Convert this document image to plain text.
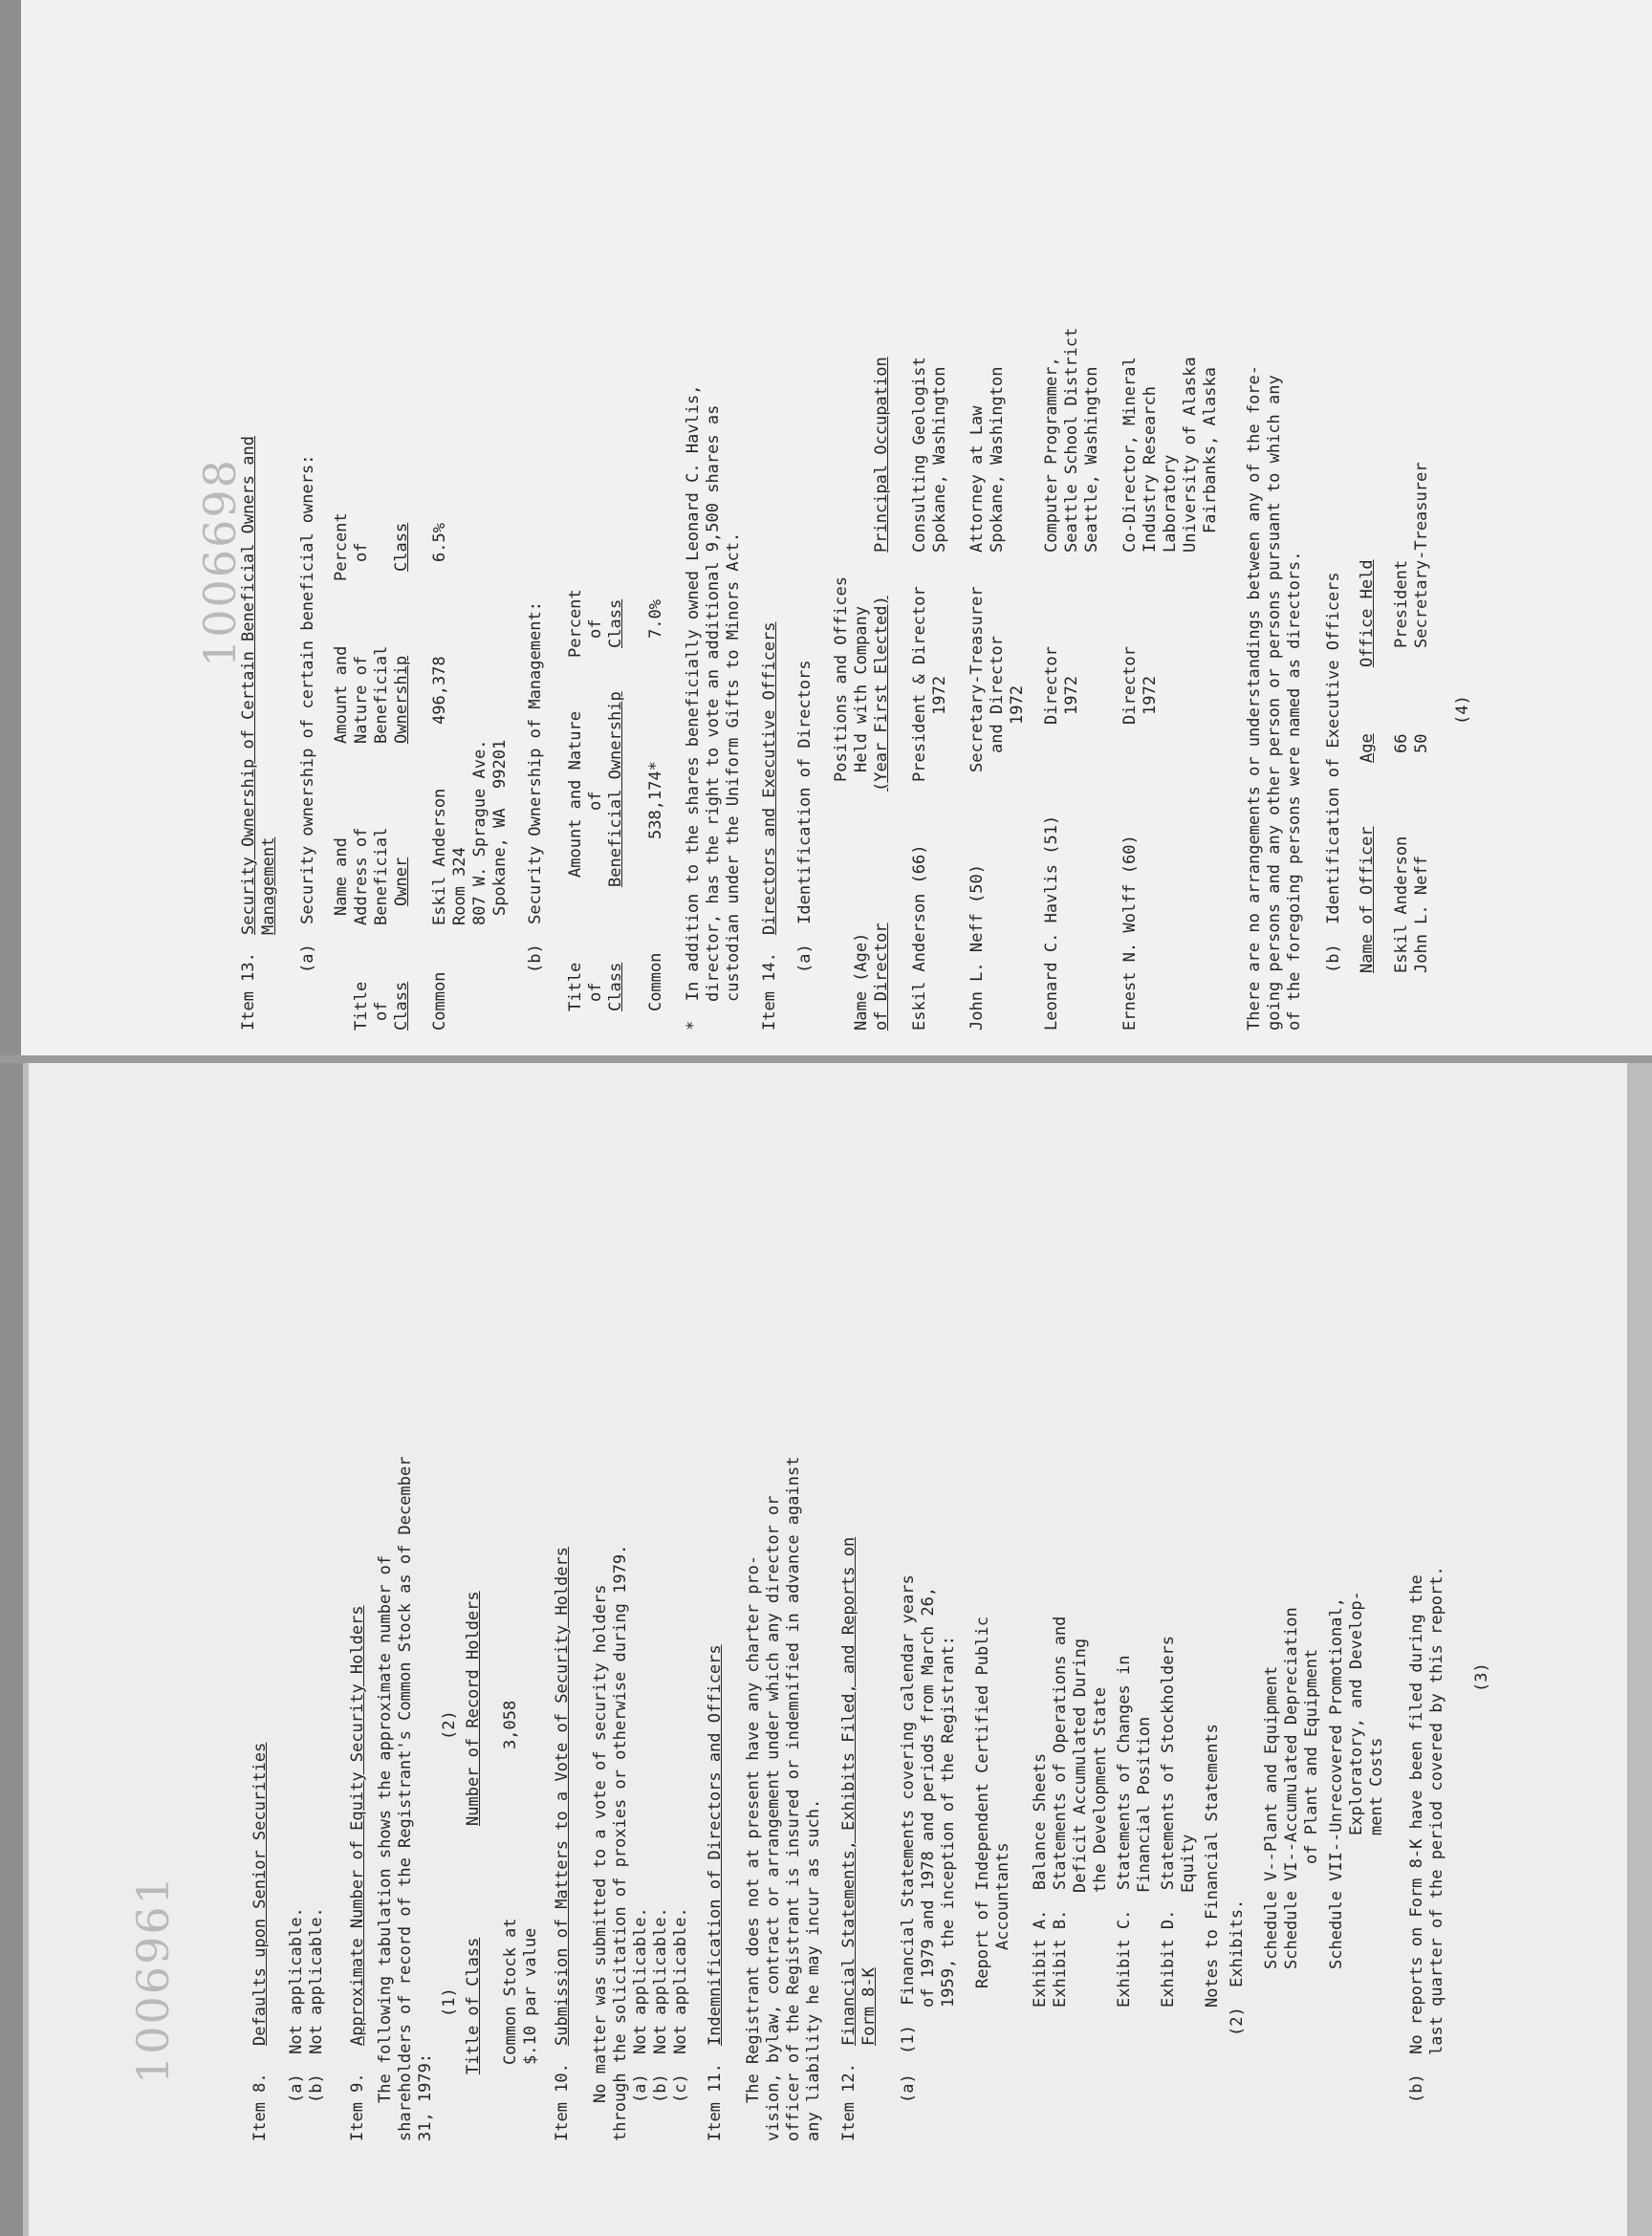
1006961

Item 8.

Defaults upon Senior Securities

(a)  Not applicable.

(b)  Not applicable.

Item 9.

Approximate Number of Equity Security Holders

The following tabulation shows the approximate number of

shareholders of record of the Registrant's Common Stock as of December

31, 1979:

(1)

(2)

Title of Class

Number of Record Holders

Common Stock at

3,058

$.10 par value

Item 10.

Submission of Matters to a Vote of Security Holders

No matter was submitted to a vote of security holders

through the solicitation of proxies or otherwise during 1979.

(a)  Not applicable.

(b)  Not applicable.

(c)  Not applicable.

Item 11.

Indemnification of Directors and Officers

The Registrant does not at present have any charter pro-

vision, bylaw, contract or arrangement under which any director or

officer of the Registrant is insured or indemnified in advance against

any liability he may incur as such.

Item 12.

Financial Statements, Exhibits Filed, and Reports on

Form 8-K

(a)  (1)  Financial Statements covering calendar years

of 1979 and 1978 and periods from March 26,

1959, the inception of the Registrant:

Report of Independent Certified Public

Accountants

Exhibit A.  Balance Sheets

Exhibit B.  Statements of Operations and

Deficit Accumulated During

the Development State

Exhibit C.  Statements of Changes in

Financial Position

Exhibit D.  Statements of Stockholders

Equity

Notes to Financial Statements

Schedule V--Plant and Equipment

Schedule VI--Accumulated Depreciation

of Plant and Equipment

Schedule VII--Unrecovered Promotional,

Exploratory, and Develop-

ment Costs

(2)  Exhibits.

	(b)  No reports on Form 8-K have been filed during the

last quarter of the period covered by this report.

(3)

1006698

Item 13.

Security Ownership of Certain Beneficial Owners and

Management

(a)  Security ownership of certain beneficial owners:

Title

of

Class

Name and

Address of

Beneficial

Owner

Amount and

Nature of

Beneficial

Ownership

Percent

of

Class

Common

Eskil Anderson

Room 324

807 W. Sprague Ave.

Spokane, WA  99201

496,378

6.5%

(b)  Security Ownership of Management:

Title

of

Class

Amount and Nature

of

Beneficial Ownership

Percent

of

Class

Common

538,174*

7.0%

*  In addition to the shares beneficially owned Leonard C. Havlis,

director, has the right to vote an additional 9,500 shares as

custodian under the Uniform Gifts to Minors Act.

Item 14.

Directors and Executive Officers

(a)  Identification of Directors

Positions and Offices

Name (Age)

Held with Company

of Director

(Year First Elected)

Principal Occupation

Eskil Anderson (66)

President & Director

1972

Consulting Geologist

Spokane, Washington

John L. Neff (50)

Secretary-Treasurer

and Director

1972

Attorney at Law

Spokane, Washington

Leonard C. Havlis (51)

Director

1972

Computer Programmer,

Seattle School District

Seattle, Washington

Ernest N. Wolff (60)

Director

1972

Co-Director, Mineral

Industry Research

Laboratory

University of Alaska

Fairbanks, Alaska

There are no arrangements or understandings between any of the fore-

going persons and any other person or persons pursuant to which any

of the foregoing persons were named as directors.

(b)  Identification of Executive Officers

Name of Officer

Age

Office Held

Eskil Anderson

66

President

John L. Neff

50

Secretary-Treasurer

(4)
